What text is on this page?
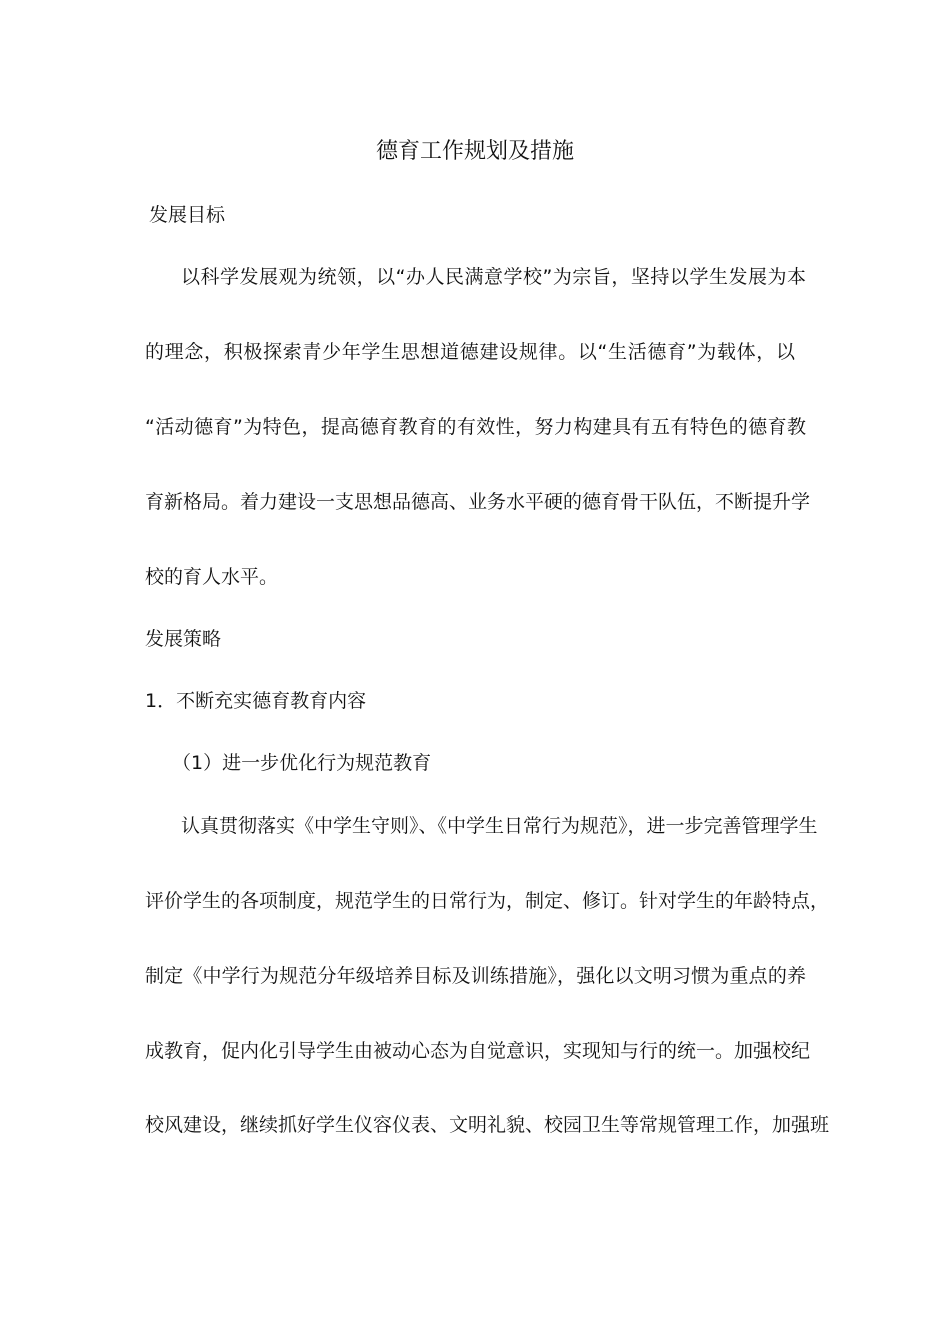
德育工作规划及措施
发展目标
以科学发展观为统领，以“办人民满意学校”为宗旨，坚持以学生发展为本
的理念，积极探索青少年学生思想道德建设规律。以“生活德育”为载体，以
“活动德育”为特色，提高德育教育的有效性，努力构建具有五有特色的德育教
育新格局。着力建设一支思想品德高、业务水平硬的德育骨干队伍，不断提升学
校的育人水平。
发展策略
1．不断充实德育教育内容
（1）进一步优化行为规范教育
认真贯彻落实《中学生守则》、《中学生日常行为规范》，进一步完善管理学生
评价学生的各项制度，规范学生的日常行为，制定、修订。针对学生的年龄特点，
制定《中学行为规范分年级培养目标及训练措施》，强化以文明习惯为重点的养
成教育，促内化引导学生由被动心态为自觉意识，实现知与行的统一。加强校纪
校风建设，继续抓好学生仪容仪表、文明礼貌、校园卫生等常规管理工作，加强班
